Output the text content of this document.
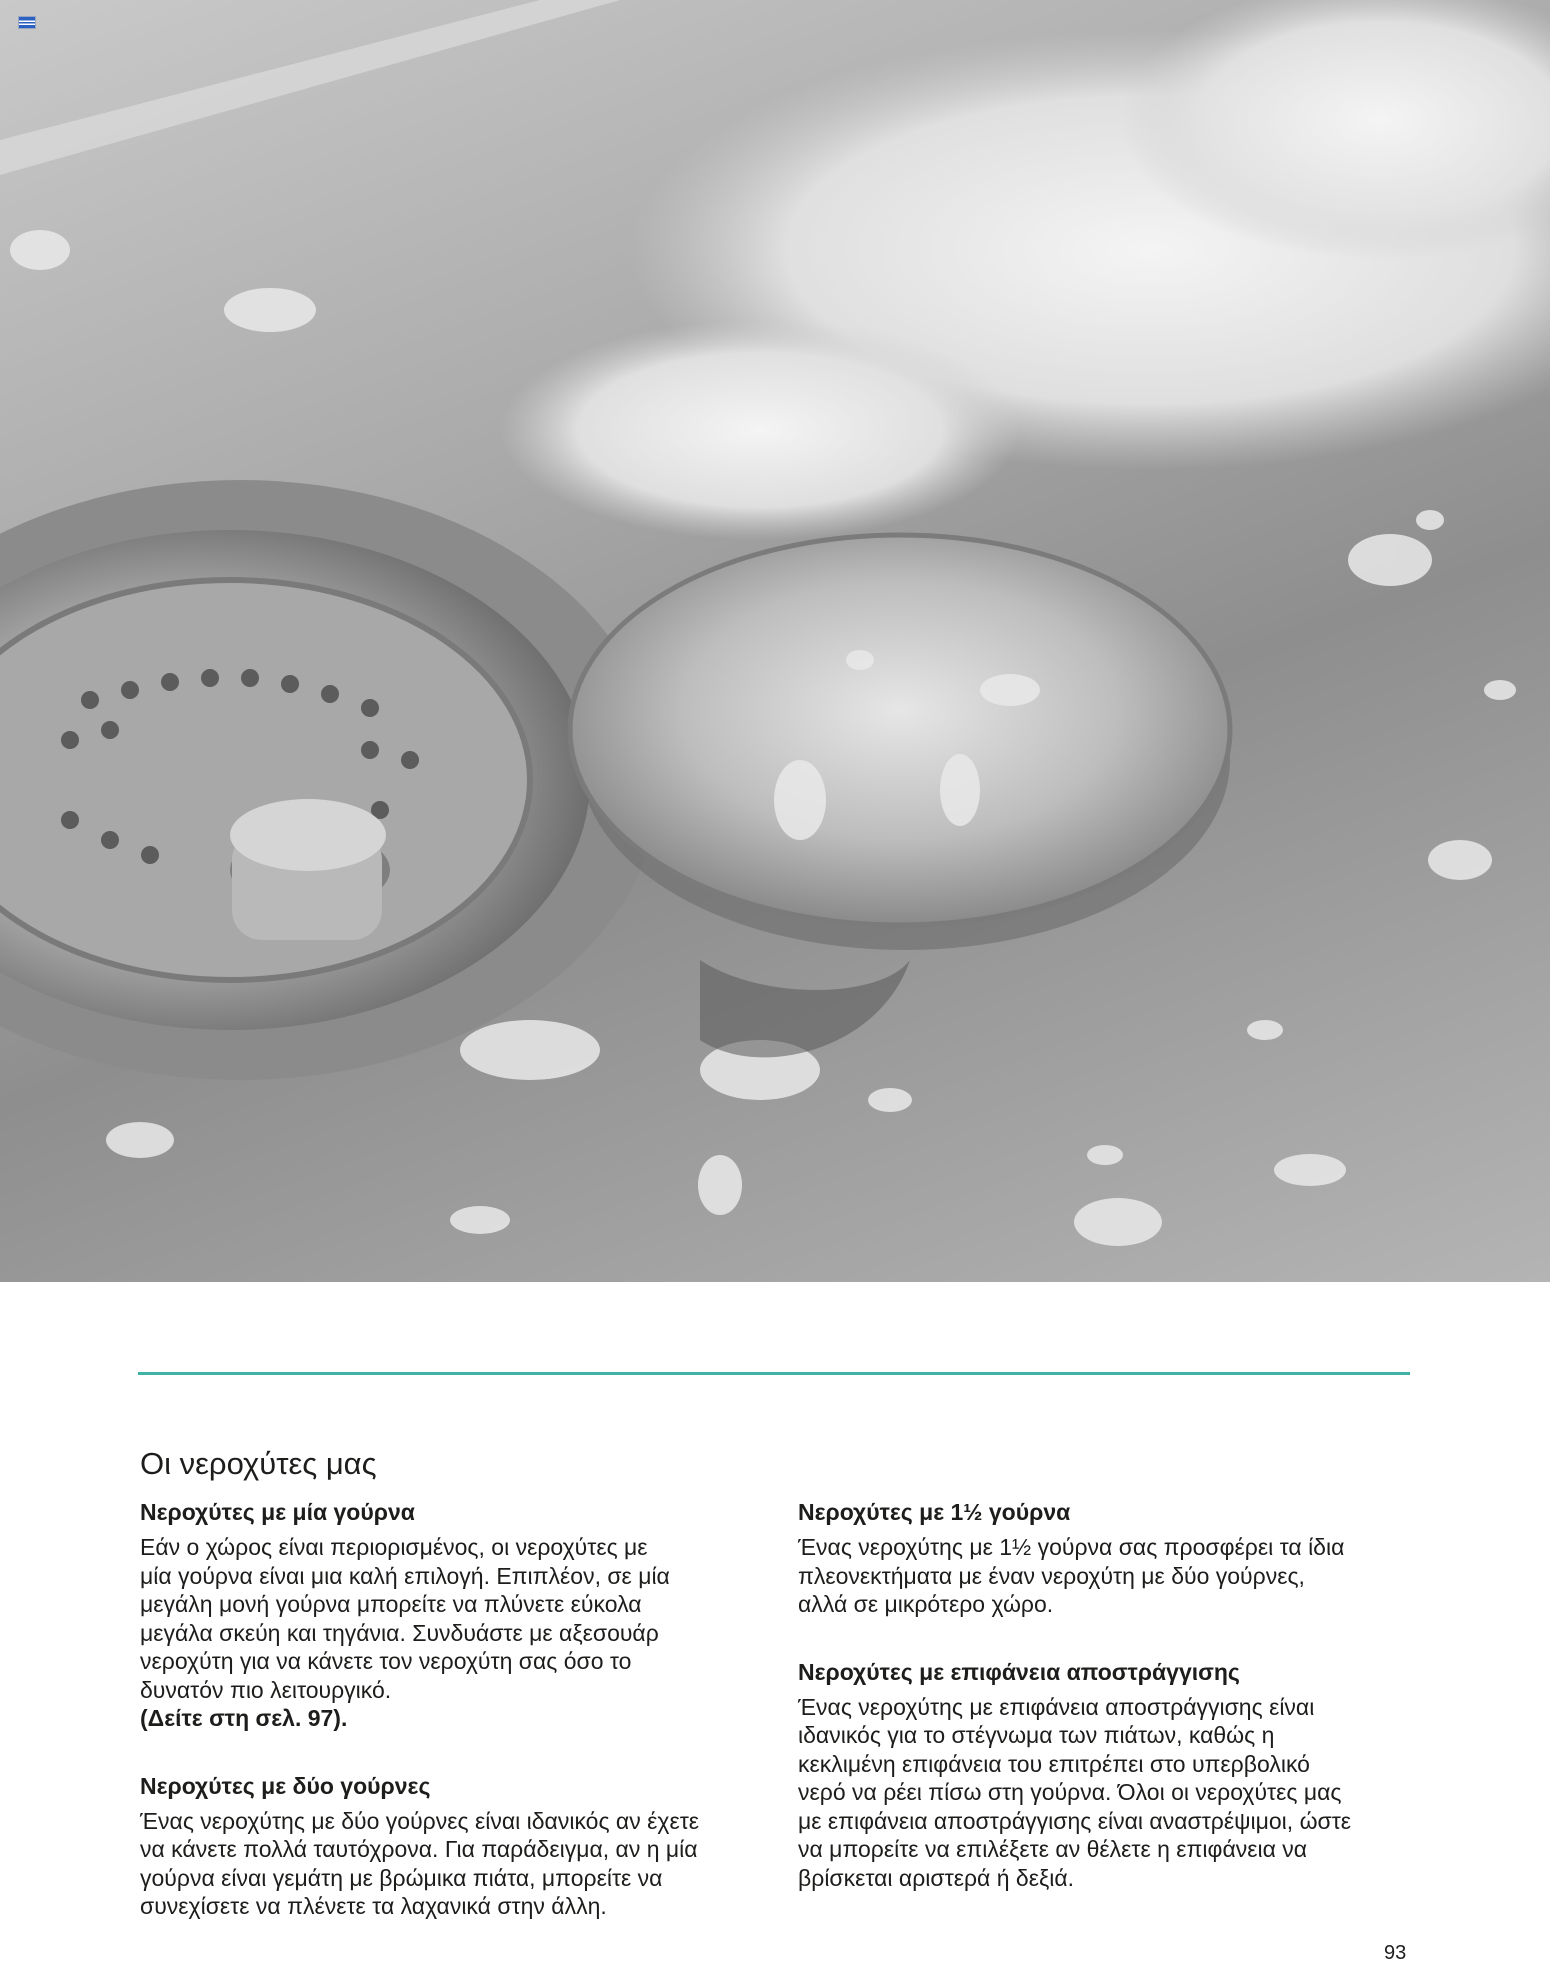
Οι νεροχύτες μας
Νεροχύτες με μία γούρνα

Εάν ο χώρος είναι περιορισμένος, οι νεροχύτες με
μία γούρνα είναι μια καλή επιλογή. Επιπλέον, σε μία
μεγάλη μονή γούρνα μπορείτε να πλύνετε εύκολα
μεγάλα σκεύη και τηγάνια. Συνδυάστε με αξεσουάρ
νεροχύτη για να κάνετε τον νεροχύτη σας όσο το
δυνατόν πιο λειτουργικό.

(Δείτε στη σελ. 97).
Νεροχύτες με δύο γούρνες

Ένας νεροχύτης με δύο γούρνες είναι ιδανικός αν έχετε
να κάνετε πολλά ταυτόχρονα. Για παράδειγμα, αν η μία
γούρνα είναι γεμάτη με βρώμικα πιάτα, μπορείτε να
συνεχίσετε να πλένετε τα λαχανικά στην άλλη.

Νεροχύτες με 1½ γούρνα

Ένας νεροχύτης με 1½ γούρνα σας προσφέρει τα ίδια
πλεονεκτήματα με έναν νεροχύτη με δύο γούρνες,
αλλά σε μικρότερο χώρο.

Νεροχύτες με επιφάνεια αποστράγγισης

Ένας νεροχύτης με επιφάνεια αποστράγγισης είναι
ιδανικός για το στέγνωμα των πιάτων, καθώς η
κεκλιμένη επιφάνεια του επιτρέπει στο υπερβολικό
νερό να ρέει πίσω στη γούρνα. Όλοι οι νεροχύτες μας
με επιφάνεια αποστράγγισης είναι αναστρέψιμοι, ώστε
να μπορείτε να επιλέξετε αν θέλετε η επιφάνεια να
βρίσκεται αριστερά ή δεξιά.

93
